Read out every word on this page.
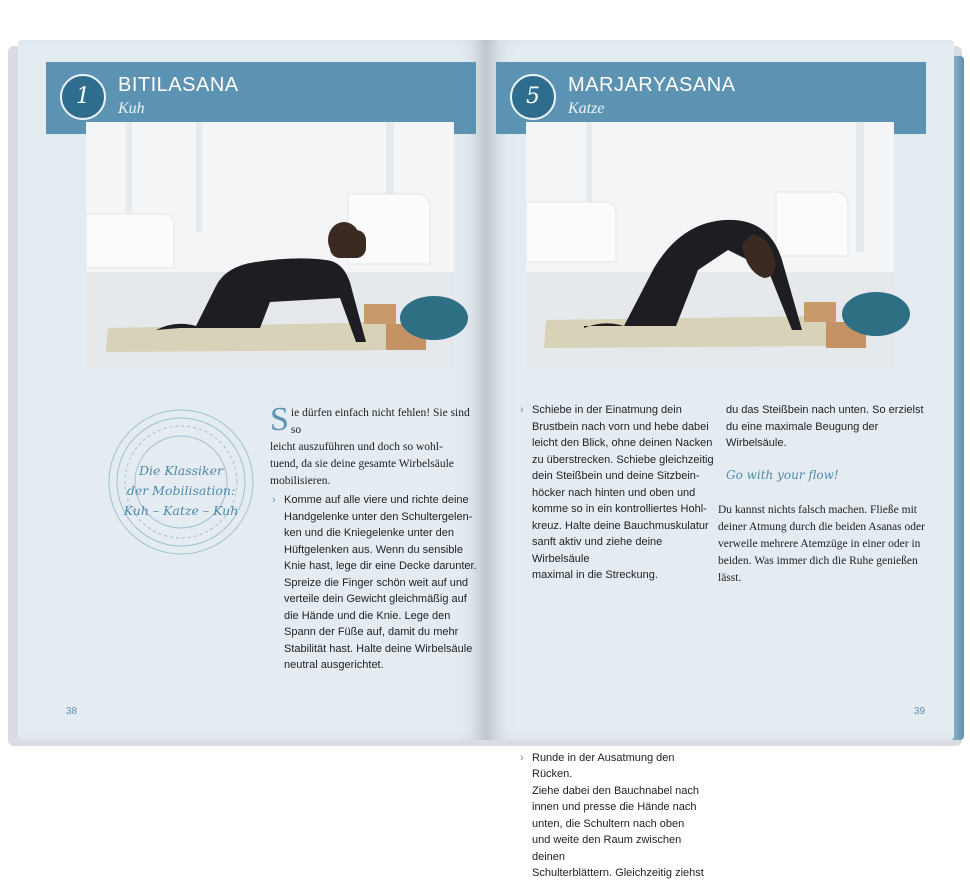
1	BITILASANA
Kuh
Die Klassiker
der Mobilisation:
Kuh – Katze – Kuh
S ie dürfen einfach nicht fehlen! Sie sind so
leicht auszuführen und doch so wohl-
tuend, da sie deine gesamte Wirbelsäule
mobilisieren.
› Komme auf alle viere und richte deine
Handgelenke unter den Schultergelen-
ken und die Kniegelenke unter den
Hüftgelenken aus. Wenn du sensible
Knie hast, lege dir eine Decke darunter.
Spreize die Finger schön weit auf und
verteile dein Gewicht gleichmäßig auf
die Hände und die Knie. Lege den
Spann der Füße auf, damit du mehr
Stabilität hast. Halte deine Wirbelsäule
neutral ausgerichtet.
38
5	MARJARYASANA
Katze
› Schiebe in der Einatmung dein
Brustbein nach vorn und hebe dabei
leicht den Blick, ohne deinen Nacken
zu überstrecken. Schiebe gleichzeitig
dein Steißbein und deine Sitzbein-
höcker nach hinten und oben und
komme so in ein kontrolliertes Hohl-
kreuz. Halte deine Bauchmuskulatur
sanft aktiv und ziehe deine Wirbelsäule
maximal in die Streckung.
› Runde in der Ausatmung den Rücken.
Ziehe dabei den Bauchnabel nach
innen und presse die Hände nach
unten, die Schultern nach oben
und weite den Raum zwischen deinen
Schulterblättern. Gleichzeitig ziehst
du das Steißbein nach unten. So erzielst
du eine maximale Beugung der
Wirbelsäule.
Go with your flow!
Du kannst nichts falsch machen. Fließe mit
deiner Atmung durch die beiden Asanas oder
verweile mehrere Atemzüge in einer oder in
beiden. Was immer dich die Ruhe genießen
lässt.
39
